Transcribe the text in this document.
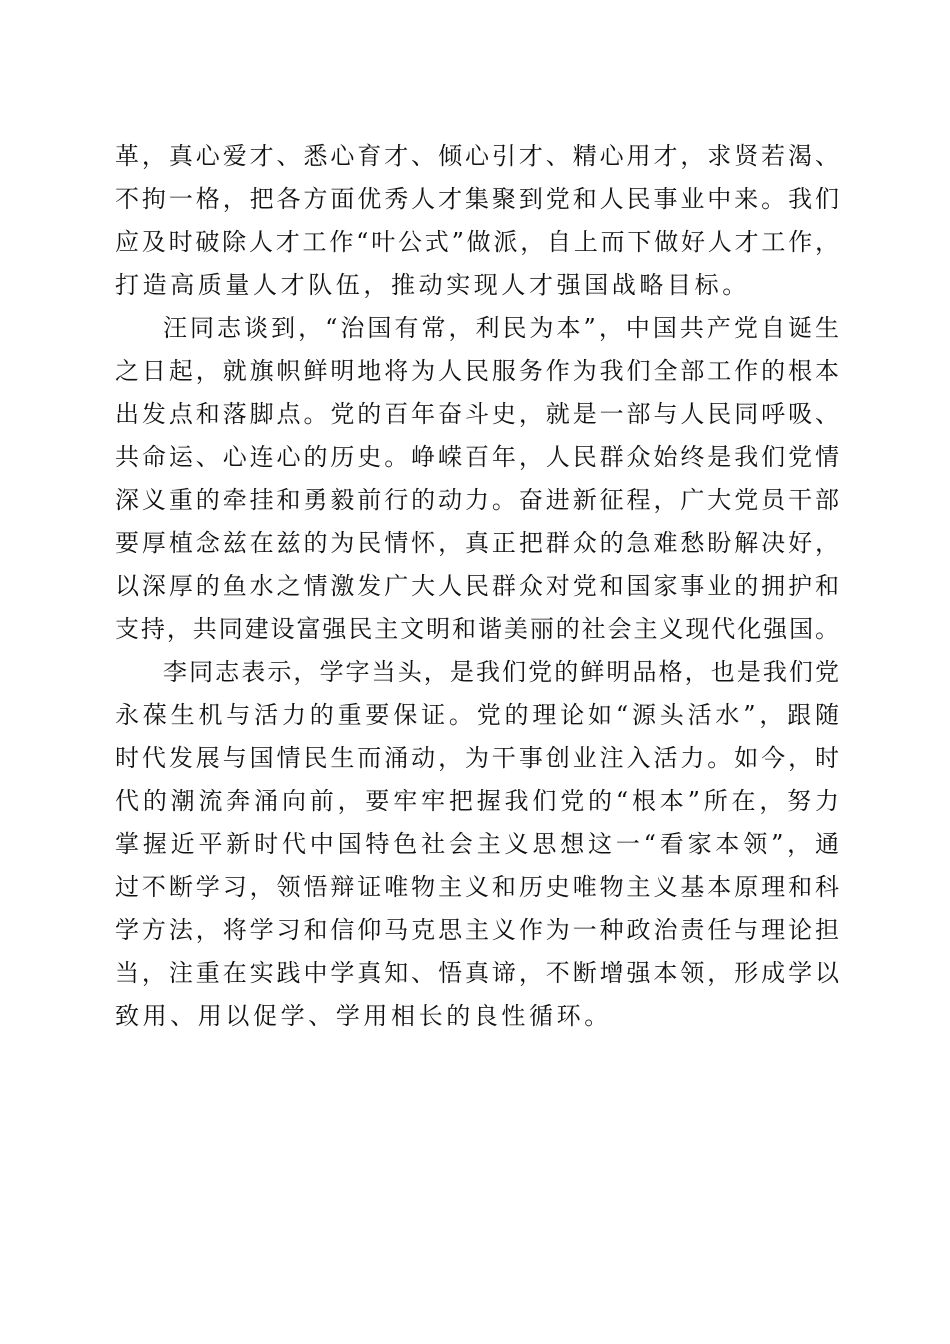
革，真心爱才、悉心育才、倾心引才、精心用才，求贤若渴、
不拘一格，把各方面优秀人才集聚到党和人民事业中来。我们
应及时破除人才工作“叶公式”做派，自上而下做好人才工作，
打造高质量人才队伍，推动实现人才强国战略目标。
汪同志谈到，“治国有常，利民为本”，中国共产党自诞生
之日起，就旗帜鲜明地将为人民服务作为我们全部工作的根本
出发点和落脚点。党的百年奋斗史，就是一部与人民同呼吸、
共命运、心连心的历史。峥嵘百年，人民群众始终是我们党情
深义重的牵挂和勇毅前行的动力。奋进新征程，广大党员干部
要厚植念兹在兹的为民情怀，真正把群众的急难愁盼解决好，
以深厚的鱼水之情激发广大人民群众对党和国家事业的拥护和
支持，共同建设富强民主文明和谐美丽的社会主义现代化强国。
李同志表示，学字当头，是我们党的鲜明品格，也是我们党
永葆生机与活力的重要保证。党的理论如“源头活水”，跟随
时代发展与国情民生而涌动，为干事创业注入活力。如今，时
代的潮流奔涌向前，要牢牢把握我们党的“根本”所在，努力
掌握近平新时代中国特色社会主义思想这一“看家本领”，通
过不断学习，领悟辩证唯物主义和历史唯物主义基本原理和科
学方法，将学习和信仰马克思主义作为一种政治责任与理论担
当，注重在实践中学真知、悟真谛，不断增强本领，形成学以
致用、用以促学、学用相长的良性循环。
